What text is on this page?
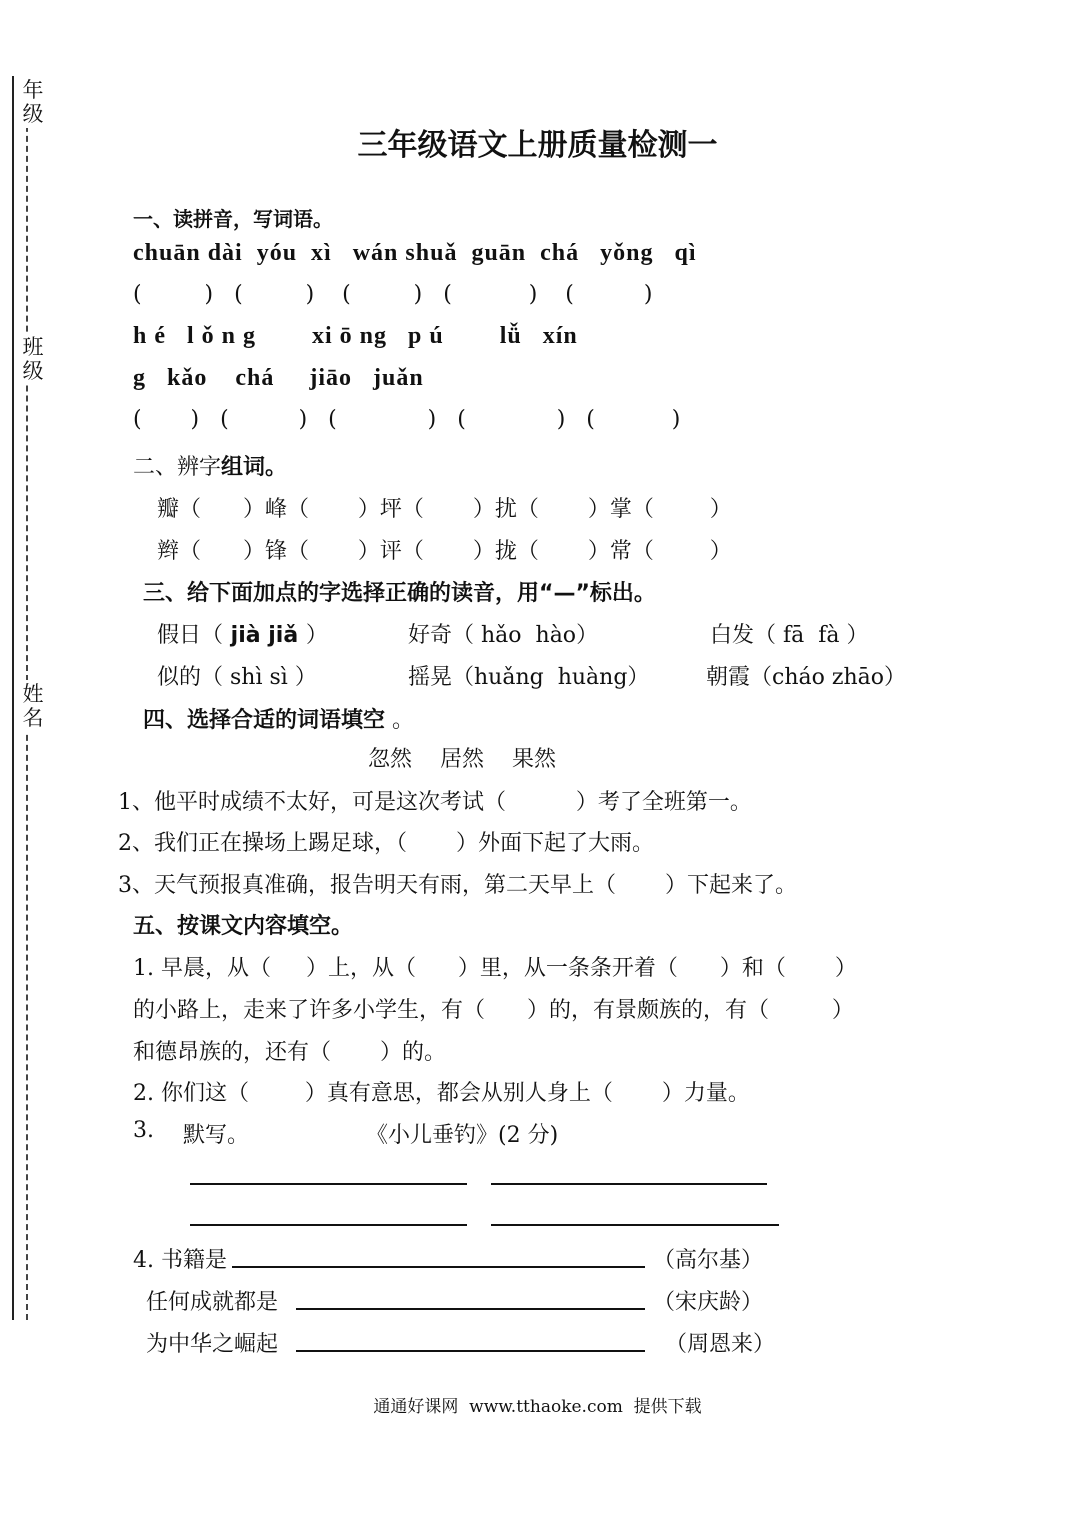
年级
班级
姓名
三年级语文上册质量检测一
一、读拼音，写词语。
chuān dài  yóu  xì   wán shuǎ  guān  chá   yǒng   qì
(         )   (         )    (         )   (           )    (          )
h é   l ǒ n g        xi ō ng   p ú        lǚ   xín
g   kǎo    chá     jiāo   juǎn
(       )   (          )   (             )   (             )   (           )
二、辨字组词。
瓣（      ）峰（       ）坪（       ）扰（       ）掌（        ）
辫（      ）锋（       ）评（       ）拢（       ）常（        ）
三、给下面加点的字选择正确的读音，用“—”标出。
假日（ jià jiǎ ）	好奇（ hǎo  hào）	白发（ fā  fà ）
似的（ shì sì ）	摇晃（huǎng  huàng）	朝霞（cháo zhāo）
四、选择合适的词语填空 。
忽然    居然    果然
1、他平时成绩不太好，可是这次考试（          ）考了全班第一。
2、我们正在操场上踢足球，（       ）外面下起了大雨。
3、天气预报真准确，报告明天有雨，第二天早上（       ）下起来了。
五、按课文内容填空。
1. 早晨，从（     ）上，从（      ）里，从一条条开着（      ）和（       ）
的小路上，走来了许多小学生，有（      ）的，有景颇族的，有（         ）
和德昂族的，还有（       ）的。
2. 你们这（        ）真有意思，都会从别人身上（       ）力量。
3. 默写。	《小儿垂钓》(2 分)
4. 书籍是	（高尔基）
任何成就都是	（宋庆龄）
为中华之崛起	（周恩来）
通通好课网  www.tthaoke.com  提供下载
